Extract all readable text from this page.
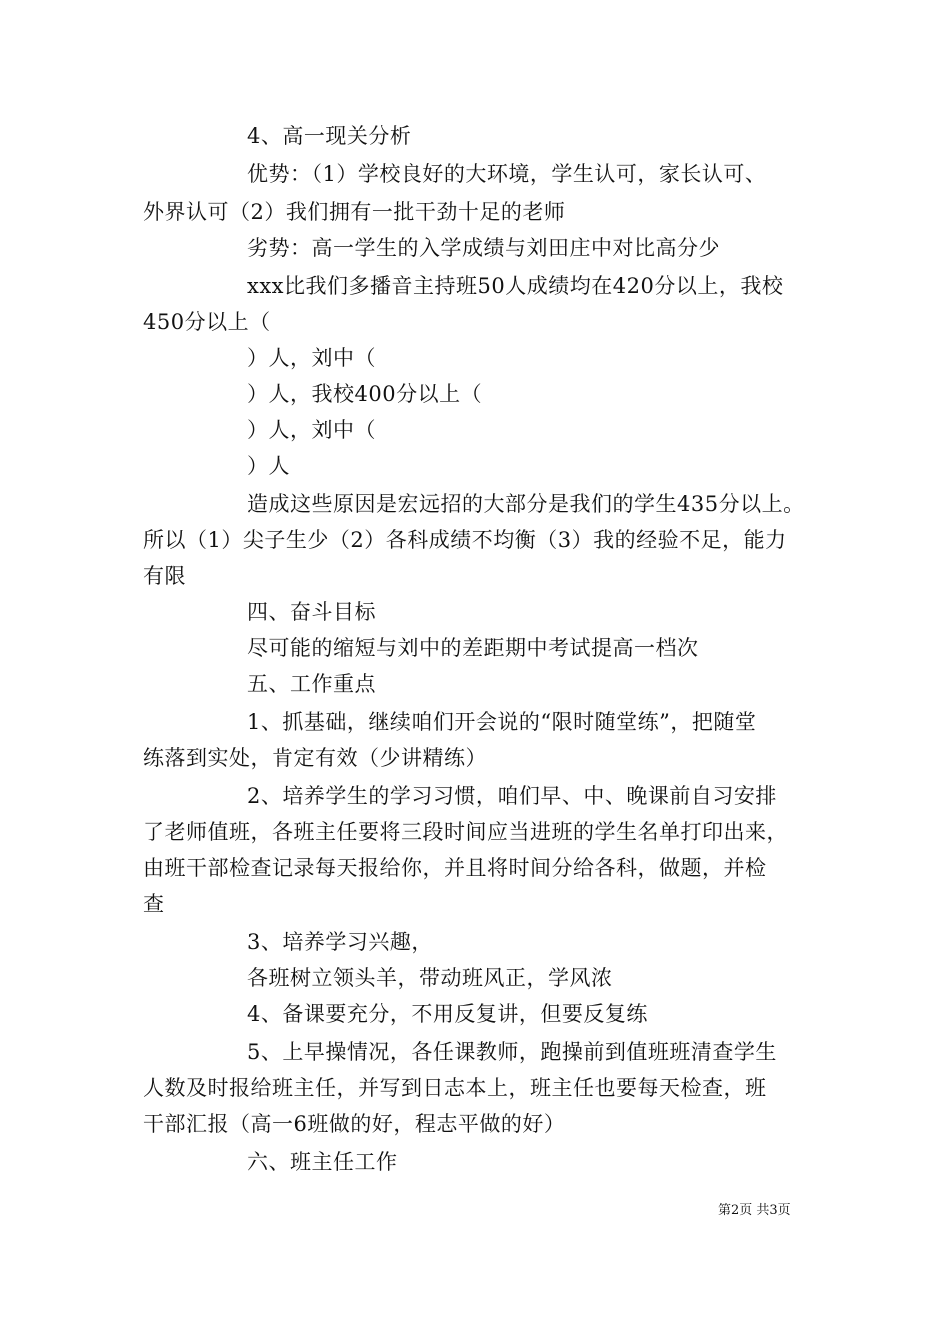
4、高一现关分析
优势：（1）学校良好的大环境，学生认可，家长认可、
外界认可（2）我们拥有一批干劲十足的老师
劣势：高一学生的入学成绩与刘田庄中对比高分少
xxx比我们多播音主持班50人成绩均在420分以上，我校
450分以上（
）人，刘中（
）人，我校400分以上（
）人，刘中（
）人
造成这些原因是宏远招的大部分是我们的学生435分以上。
所以（1）尖子生少（2）各科成绩不均衡（3）我的经验不足，能力
有限
四、奋斗目标
尽可能的缩短与刘中的差距期中考试提高一档次
五、工作重点
1、抓基础，继续咱们开会说的“限时随堂练”，把随堂
练落到实处，肯定有效（少讲精练）
2、培养学生的学习习惯，咱们早、中、晚课前自习安排
了老师值班，各班主任要将三段时间应当进班的学生名单打印出来，
由班干部检查记录每天报给你，并且将时间分给各科，做题，并检
查
3、培养学习兴趣，
各班树立领头羊，带动班风正，学风浓
4、备课要充分，不用反复讲，但要反复练
5、上早操情况，各任课教师，跑操前到值班班清查学生
人数及时报给班主任，并写到日志本上，班主任也要每天检查，班
干部汇报（高一6班做的好，程志平做的好）
六、班主任工作
第2页 共3页
